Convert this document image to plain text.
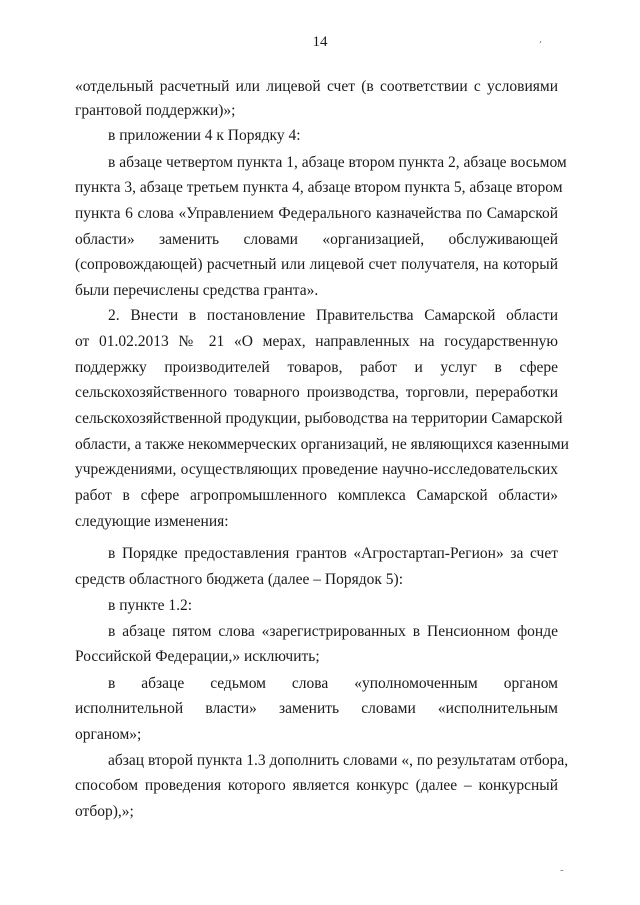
14	´
-
«отдельный расчетный или лицевой счет (в соответствии с условиями
грантовой поддержки)»;
в приложении 4 к Порядку 4:
в абзаце четвертом пункта 1, абзаце втором пункта 2, абзаце восьмом
пункта 3, абзаце третьем пункта 4, абзаце втором пункта 5, абзаце втором
пункта 6 слова «Управлением Федерального казначейства по Самарской
области» заменить словами «организацией, обслуживающей
(сопровождающей) расчетный или лицевой счет получателя, на который
были перечислены средства гранта».
2. Внести в постановление Правительства Самарской области
от 01.02.2013 № 21 «О мерах, направленных на государственную
поддержку производителей товаров, работ и услуг в сфере
сельскохозяйственного товарного производства, торговли, переработки
сельскохозяйственной продукции, рыбоводства на территории Самарской
области, а также некоммерческих организаций, не являющихся казенными
учреждениями, осуществляющих проведение научно-исследовательских
работ в сфере агропромышленного комплекса Самарской области»
следующие изменения:
в Порядке предоставления грантов «Агростартап-Регион» за счет
средств областного бюджета (далее – Порядок 5):
в пункте 1.2:
в абзаце пятом слова «зарегистрированных в Пенсионном фонде
Российской Федерации,» исключить;
в абзаце седьмом слова «уполномоченным органом
исполнительной власти» заменить словами «исполнительным
органом»;
абзац второй пункта 1.3 дополнить словами «, по результатам отбора,
способом проведения которого является конкурс (далее – конкурсный
отбор),»;
